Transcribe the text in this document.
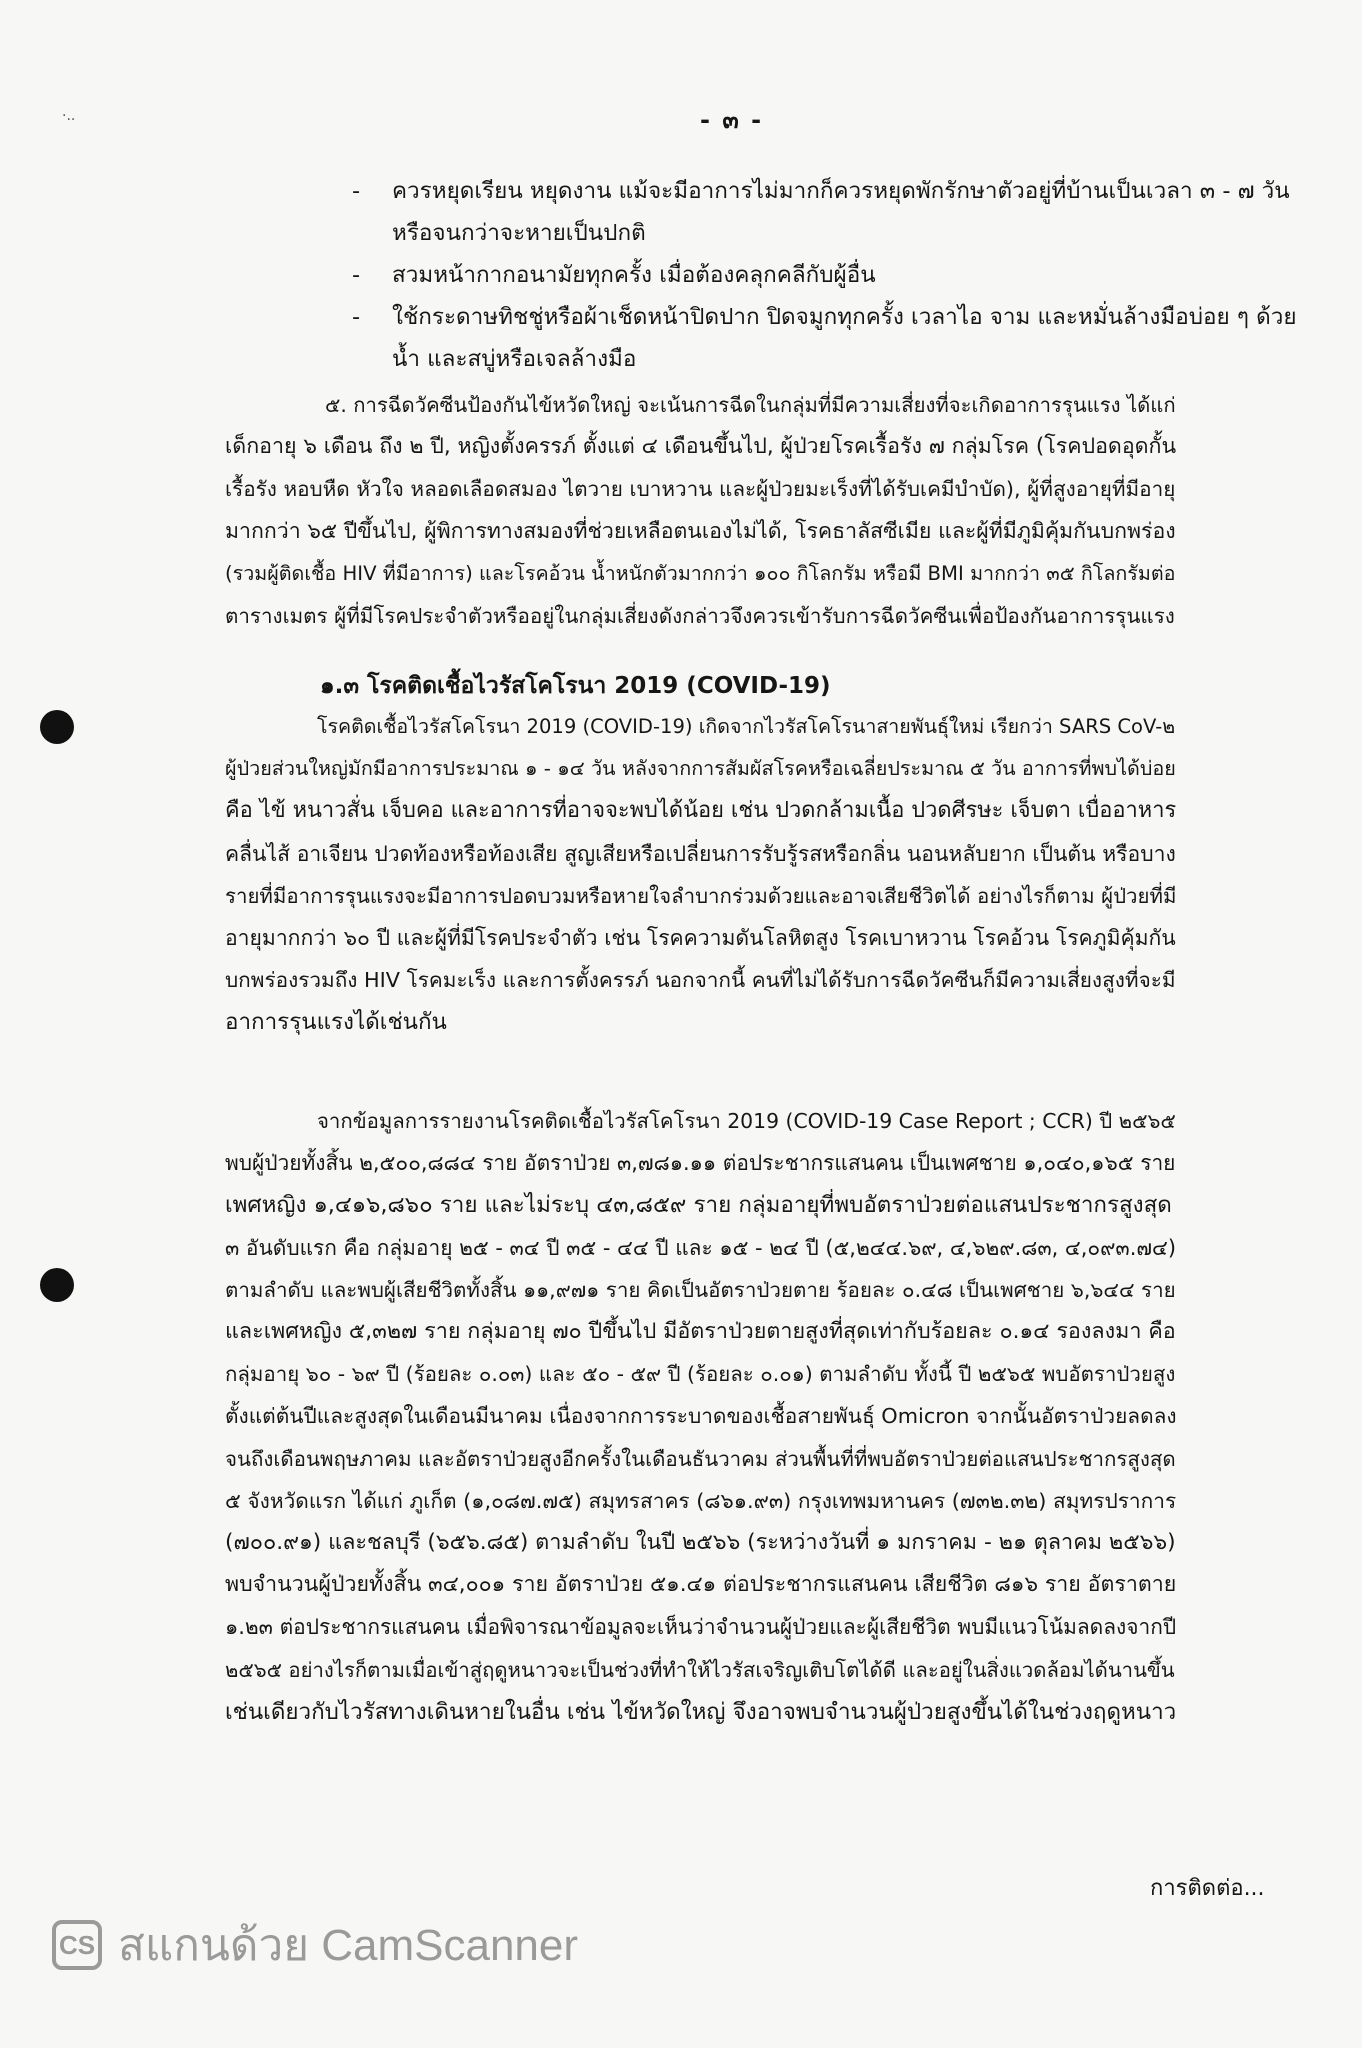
·..	- ๓ -
- ควรหยุดเรียน หยุดงาน แม้จะมีอาการไม่มากก็ควรหยุดพักรักษาตัวอยู่ที่บ้านเป็นเวลา ๓ - ๗ วัน
หรือจนกว่าจะหายเป็นปกติ
- สวมหน้ากากอนามัยทุกครั้ง เมื่อต้องคลุกคลีกับผู้อื่น
- ใช้กระดาษทิชชู่หรือผ้าเช็ดหน้าปิดปาก ปิดจมูกทุกครั้ง เวลาไอ จาม และหมั่นล้างมือบ่อย ๆ ด้วย
น้ำ และสบู่หรือเจลล้างมือ
๕. การฉีดวัคซีนป้องกันไข้หวัดใหญ่ จะเน้นการฉีดในกลุ่มที่มีความเสี่ยงที่จะเกิดอาการรุนแรง ได้แก่
เด็กอายุ ๖ เดือน ถึง ๒ ปี, หญิงตั้งครรภ์ ตั้งแต่ ๔ เดือนขึ้นไป, ผู้ป่วยโรคเรื้อรัง ๗ กลุ่มโรค (โรคปอดอุดกั้น
เรื้อรัง หอบหืด หัวใจ หลอดเลือดสมอง ไตวาย เบาหวาน และผู้ป่วยมะเร็งที่ได้รับเคมีบำบัด), ผู้ที่สูงอายุที่มีอายุ
มากกว่า ๖๕ ปีขึ้นไป, ผู้พิการทางสมองที่ช่วยเหลือตนเองไม่ได้, โรคธาลัสซีเมีย และผู้ที่มีภูมิคุ้มกันบกพร่อง
(รวมผู้ติดเชื้อ HIV ที่มีอาการ) และโรคอ้วน น้ำหนักตัวมากกว่า ๑๐๐ กิโลกรัม หรือมี BMI มากกว่า ๓๕ กิโลกรัมต่อ
ตารางเมตร ผู้ที่มีโรคประจำตัวหรืออยู่ในกลุ่มเสี่ยงดังกล่าวจึงควรเข้ารับการฉีดวัคซีนเพื่อป้องกันอาการรุนแรง
๑.๓ โรคติดเชื้อไวรัสโคโรนา 2019 (COVID-19)
โรคติดเชื้อไวรัสโคโรนา 2019 (COVID-19) เกิดจากไวรัสโคโรนาสายพันธุ์ใหม่ เรียกว่า SARS CoV-๒
ผู้ป่วยส่วนใหญ่มักมีอาการประมาณ ๑ - ๑๔ วัน หลังจากการสัมผัสโรคหรือเฉลี่ยประมาณ ๕ วัน อาการที่พบได้บ่อย
คือ ไข้ หนาวสั่น เจ็บคอ และอาการที่อาจจะพบได้น้อย เช่น ปวดกล้ามเนื้อ ปวดศีรษะ เจ็บตา เบื่ออาหาร
คลื่นไส้ อาเจียน ปวดท้องหรือท้องเสีย สูญเสียหรือเปลี่ยนการรับรู้รสหรือกลิ่น นอนหลับยาก เป็นต้น หรือบาง
รายที่มีอาการรุนแรงจะมีอาการปอดบวมหรือหายใจลำบากร่วมด้วยและอาจเสียชีวิตได้ อย่างไรก็ตาม ผู้ป่วยที่มี
อายุมากกว่า ๖๐ ปี และผู้ที่มีโรคประจำตัว เช่น โรคความดันโลหิตสูง โรคเบาหวาน โรคอ้วน โรคภูมิคุ้มกัน
บกพร่องรวมถึง HIV โรคมะเร็ง และการตั้งครรภ์ นอกจากนี้ คนที่ไม่ได้รับการฉีดวัคซีนก็มีความเสี่ยงสูงที่จะมี
อาการรุนแรงได้เช่นกัน
จากข้อมูลการรายงานโรคติดเชื้อไวรัสโคโรนา 2019 (COVID-19 Case Report ; CCR) ปี ๒๕๖๕
พบผู้ป่วยทั้งสิ้น ๒,๕๐๐,๘๘๔ ราย อัตราป่วย ๓,๗๘๑.๑๑ ต่อประชากรแสนคน เป็นเพศชาย ๑,๐๔๐,๑๖๕ ราย
เพศหญิง ๑,๔๑๖,๘๖๐ ราย และไม่ระบุ ๔๓,๘๕๙ ราย กลุ่มอายุที่พบอัตราป่วยต่อแสนประชากรสูงสุด
๓ อันดับแรก คือ กลุ่มอายุ ๒๕ - ๓๔ ปี ๓๕ - ๔๔ ปี และ ๑๕ - ๒๔ ปี (๕,๒๔๔.๖๙, ๔,๖๒๙.๘๓, ๔,๐๙๓.๗๔)
ตามลำดับ และพบผู้เสียชีวิตทั้งสิ้น ๑๑,๙๗๑ ราย คิดเป็นอัตราป่วยตาย ร้อยละ ๐.๔๘ เป็นเพศชาย ๖,๖๔๔ ราย
และเพศหญิง ๕,๓๒๗ ราย กลุ่มอายุ ๗๐ ปีขึ้นไป มีอัตราป่วยตายสูงที่สุดเท่ากับร้อยละ ๐.๑๔ รองลงมา คือ
กลุ่มอายุ ๖๐ - ๖๙ ปี (ร้อยละ ๐.๐๓) และ ๕๐ - ๕๙ ปี (ร้อยละ ๐.๐๑) ตามลำดับ ทั้งนี้ ปี ๒๕๖๕ พบอัตราป่วยสูง
ตั้งแต่ต้นปีและสูงสุดในเดือนมีนาคม เนื่องจากการระบาดของเชื้อสายพันธุ์ Omicron จากนั้นอัตราป่วยลดลง
จนถึงเดือนพฤษภาคม และอัตราป่วยสูงอีกครั้งในเดือนธันวาคม ส่วนพื้นที่ที่พบอัตราป่วยต่อแสนประชากรสูงสุด
๕ จังหวัดแรก ได้แก่ ภูเก็ต (๑,๐๘๗.๗๕) สมุทรสาคร (๘๖๑.๙๓) กรุงเทพมหานคร (๗๓๒.๓๒) สมุทรปราการ
(๗๐๐.๙๑) และชลบุรี (๖๕๖.๘๕) ตามลำดับ ในปี ๒๕๖๖ (ระหว่างวันที่ ๑ มกราคม - ๒๑ ตุลาคม ๒๕๖๖)
พบจำนวนผู้ป่วยทั้งสิ้น ๓๔,๐๐๑ ราย อัตราป่วย ๕๑.๔๑ ต่อประชากรแสนคน เสียชีวิต ๘๑๖ ราย อัตราตาย
๑.๒๓ ต่อประชากรแสนคน เมื่อพิจารณาข้อมูลจะเห็นว่าจำนวนผู้ป่วยและผู้เสียชีวิต พบมีแนวโน้มลดลงจากปี
๒๕๖๕ อย่างไรก็ตามเมื่อเข้าสู่ฤดูหนาวจะเป็นช่วงที่ทำให้ไวรัสเจริญเติบโตได้ดี และอยู่ในสิ่งแวดล้อมได้นานขึ้น
เช่นเดียวกับไวรัสทางเดินหายในอื่น เช่น ไข้หวัดใหญ่ จึงอาจพบจำนวนผู้ป่วยสูงขึ้นได้ในช่วงฤดูหนาว
การติดต่อ...
CS สแกนด้วย CamScanner
